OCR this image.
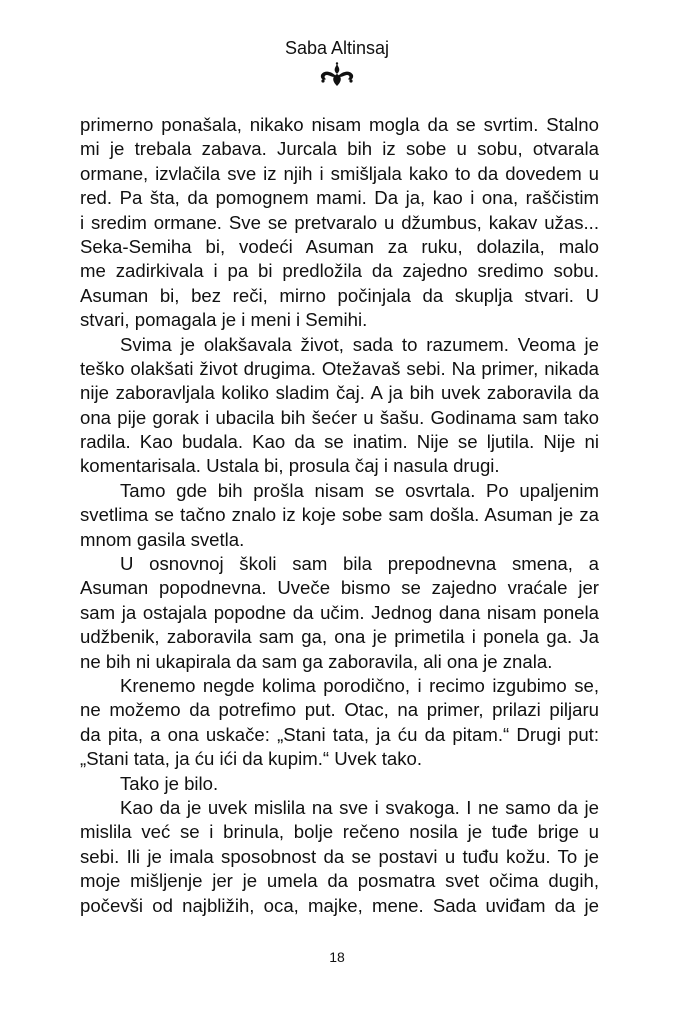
Saba Altinsaj
primerno ponašala, nikako nisam mogla da se svrtim. Stalno
mi je trebala zabava. Jurcala bih iz sobe u sobu, otvarala
ormane, izvlačila sve iz njih i smišljala kako to da dovedem u
red. Pa šta, da pomognem mami. Da ja, kao i ona, raščistim
i sredim ormane. Sve se pretvaralo u džumbus, kakav užas...
Seka-Semiha bi, vodeći Asuman za ruku, dolazila, malo
me zadirkivala i pa bi predložila da zajedno sredimo sobu.
Asuman bi, bez reči, mirno počinjala da skuplja stvari. U
stvari, pomagala je i meni i Semihi.
Svima je olakšavala život, sada to razumem. Veoma je
teško olakšati život drugima. Otežavaš sebi. Na primer, nikada
nije zaboravljala koliko sladim čaj. A ja bih uvek zaboravila da
ona pije gorak i ubacila bih šećer u šašu. Godinama sam tako
radila. Kao budala. Kao da se inatim. Nije se ljutila. Nije ni
komentarisala. Ustala bi, prosula čaj i nasula drugi.
Tamo gde bih prošla nisam se osvrtala. Po upaljenim
svetlima se tačno znalo iz koje sobe sam došla. Asuman je za
mnom gasila svetla.
U osnovnoj školi sam bila prepodnevna smena, a
Asuman popodnevna. Uveče bismo se zajedno vraćale jer
sam ja ostajala popodne da učim. Jednog dana nisam ponela
udžbenik, zaboravila sam ga, ona je primetila i ponela ga. Ja
ne bih ni ukapirala da sam ga zaboravila, ali ona je znala.
Krenemo negde kolima porodično, i recimo izgubimo se,
ne možemo da potrefimo put. Otac, na primer, prilazi piljaru
da pita, a ona uskače: „Stani tata, ja ću da pitam.“ Drugi put:
„Stani tata, ja ću ići da kupim.“ Uvek tako.
Tako je bilo.
Kao da je uvek mislila na sve i svakoga. I ne samo da je
mislila već se i brinula, bolje rečeno nosila je tuđe brige u
sebi. Ili je imala sposobnost da se postavi u tuđu kožu. To je
moje mišljenje jer je umela da posmatra svet očima dugih,
počevši od najbližih, oca, majke, mene. Sada uviđam da je
18
